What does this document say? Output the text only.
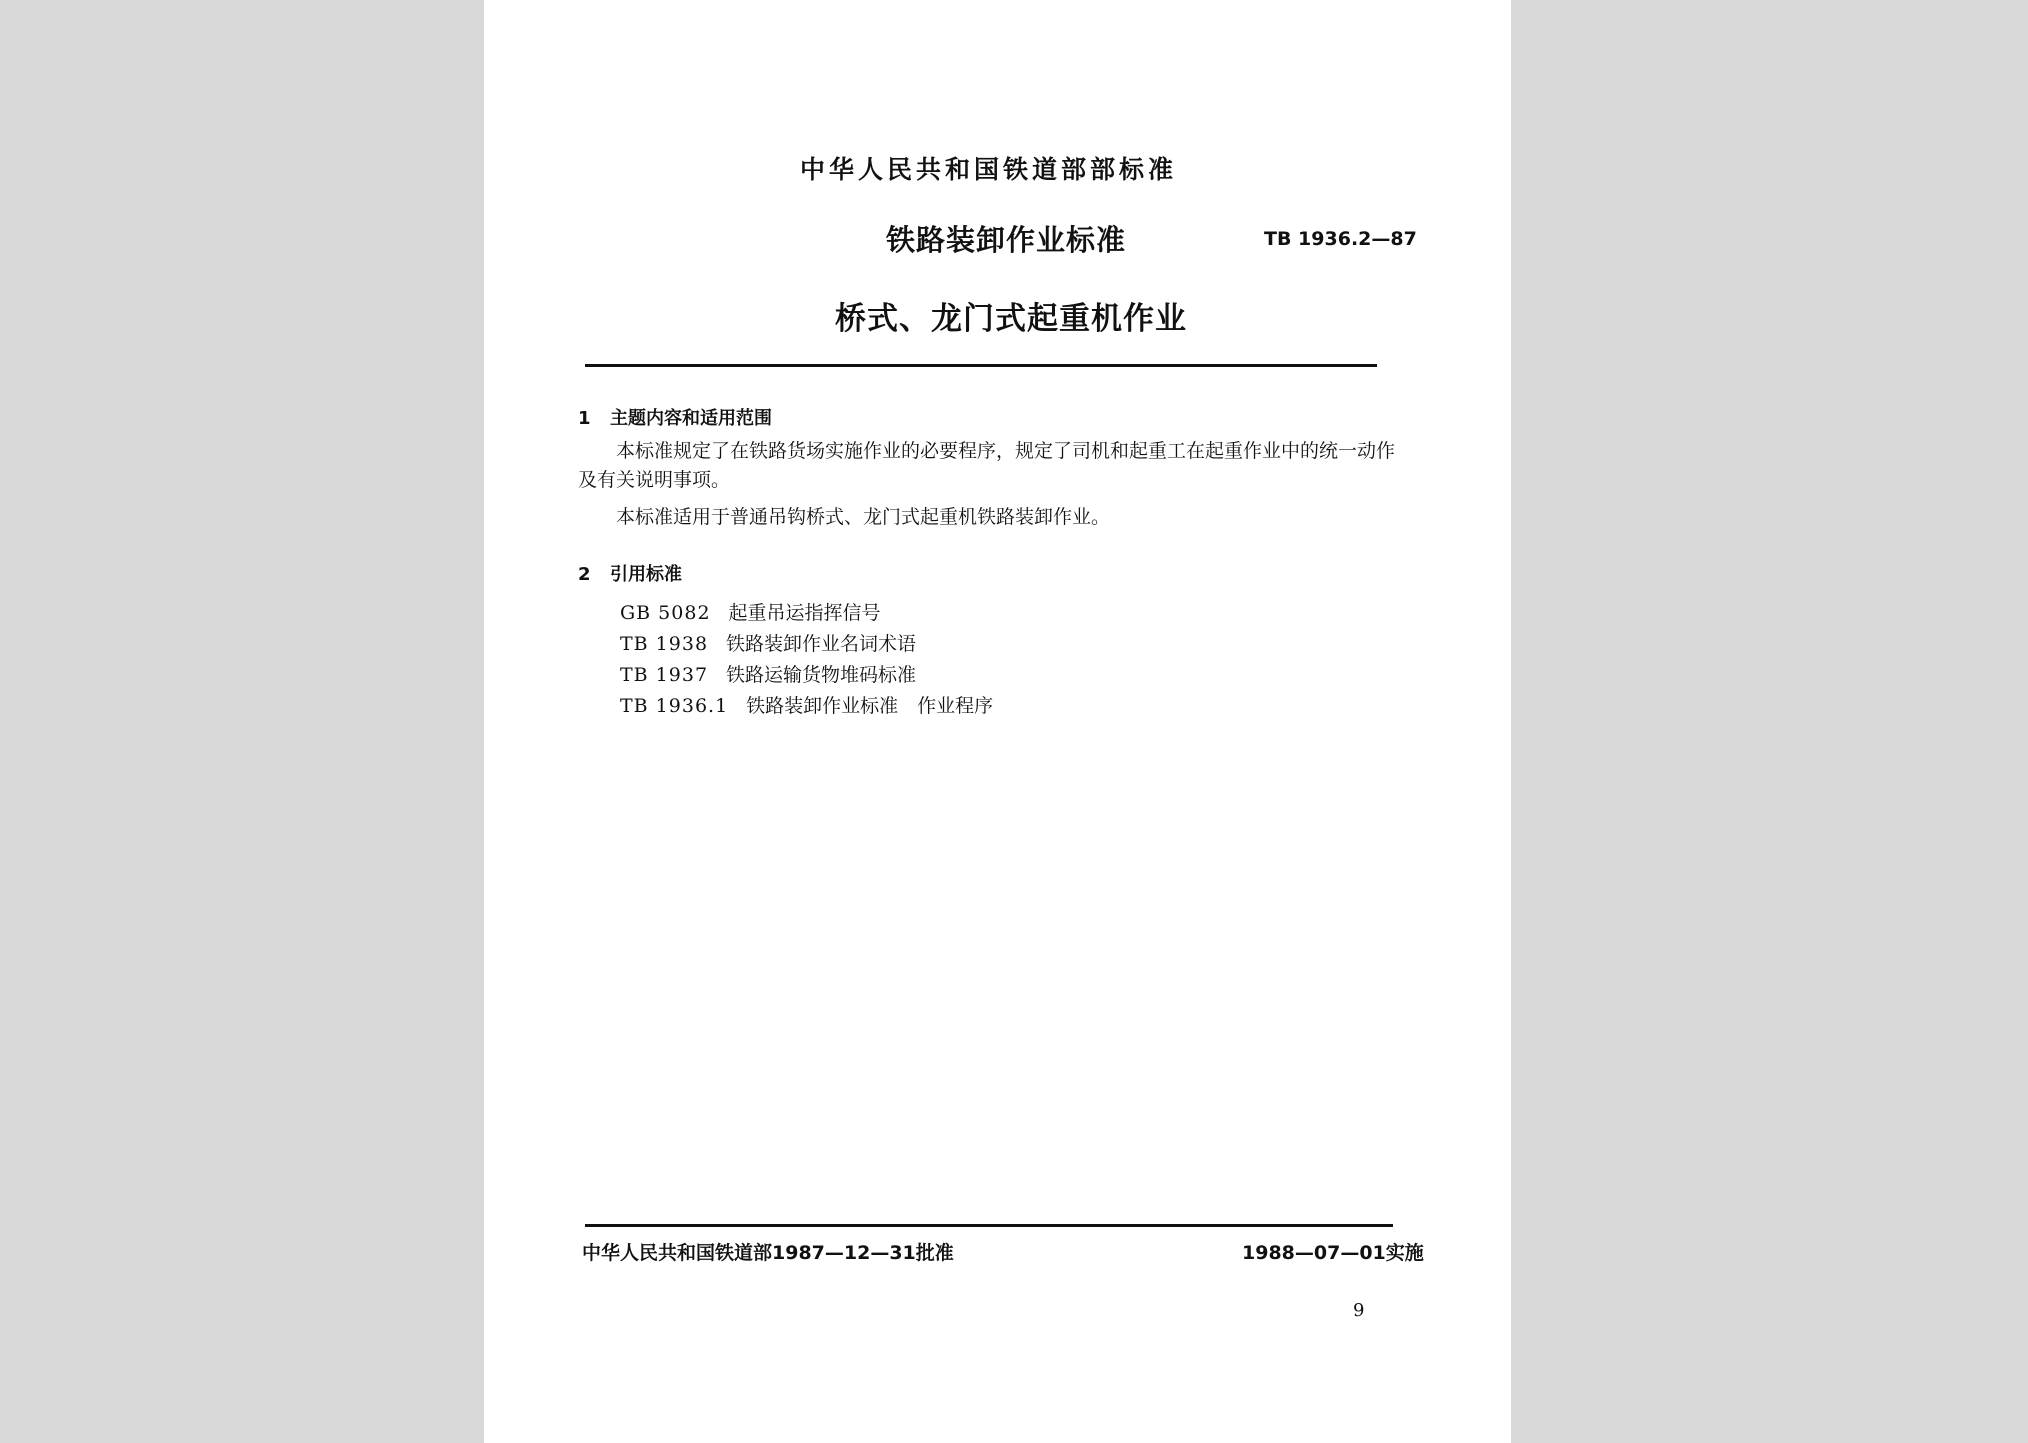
中华人民共和国铁道部部标准
铁路装卸作业标准	TB 1936.2—87
桥式、龙门式起重机作业
1 主题内容和适用范围
本标准规定了在铁路货场实施作业的必要程序，规定了司机和起重工在起重作业中的统一动作及有关说明事项。
本标准适用于普通吊钩桥式、龙门式起重机铁路装卸作业。
2 引用标准
GB 5082 起重吊运指挥信号
TB 1938 铁路装卸作业名词术语
TB 1937 铁路运输货物堆码标准
TB 1936.1 铁路装卸作业标准　作业程序
中华人民共和国铁道部1987—12—31批准	1988—07—01实施
9
